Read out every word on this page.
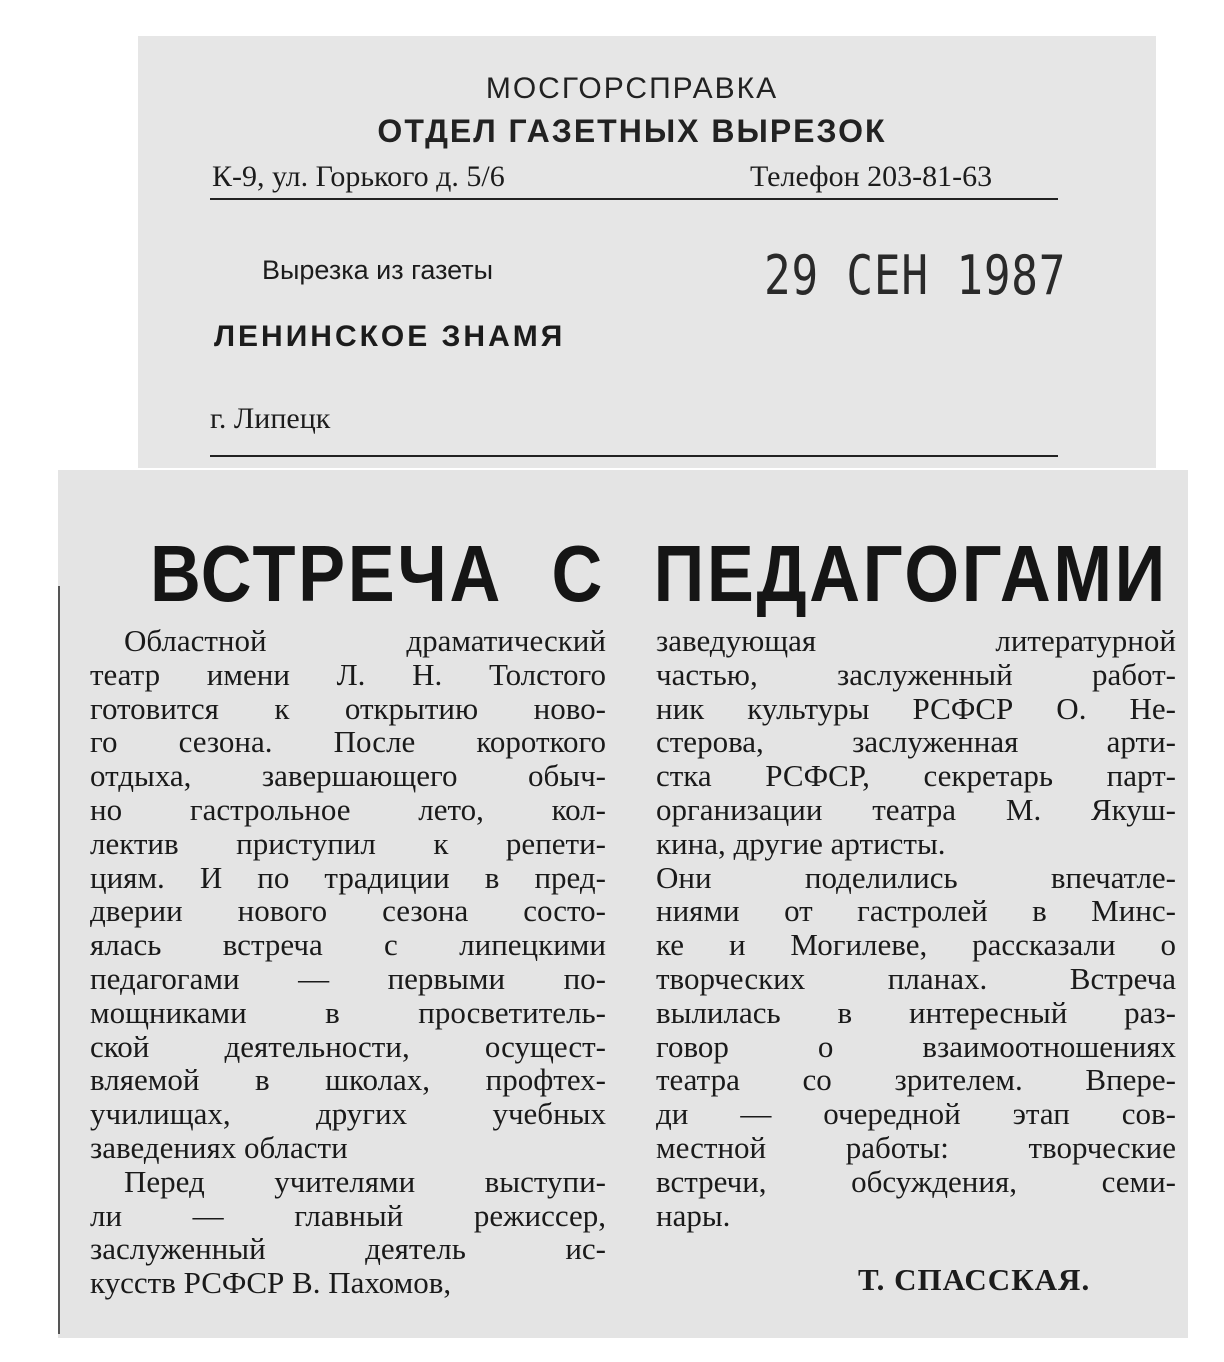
МОСГОРСПРАВКА
ОТДЕЛ ГАЗЕТНЫХ ВЫРЕЗОК
К-9, ул. Горького д. 5/6	Телефон 203-81-63
Вырезка из газеты	29 СЕН 1987
ЛЕНИНСКОЕ ЗНАМЯ
г. Липецк
ВСТРЕЧА С ПЕДАГОГАМИ
Областной драматический
театр имени Л. Н. Толстого
готовится к открытию ново-
го сезона. После короткого
отдыха, завершающего обыч-
но гастрольное лето, кол-
лектив приступил к репети-
циям. И по традиции в пред-
дверии нового сезона состо-
ялась встреча с липецкими
педагогами — первыми по-
мощниками в просветитель-
ской деятельности, осущест-
вляемой в школах, профтех-
училищах, других учебных
заведениях области
Перед учителями выступи-
ли — главный режиссер,
заслуженный деятель ис-
кусств РСФСР В. Пахомов,
заведующая литературной
частью, заслуженный работ-
ник культуры РСФСР О. Не-
стерова, заслуженная арти-
стка РСФСР, секретарь парт-
организации театра М. Якуш-
кина, другие артисты.
Они поделились впечатле-
ниями от гастролей в Минс-
ке и Могилеве, рассказали о
творческих планах. Встреча
вылилась в интересный раз-
говор о взаимоотношениях
театра со зрителем. Впере-
ди — очередной этап сов-
местной работы: творческие
встречи, обсуждения, семи-
нары.
Т. СПАССКАЯ.
